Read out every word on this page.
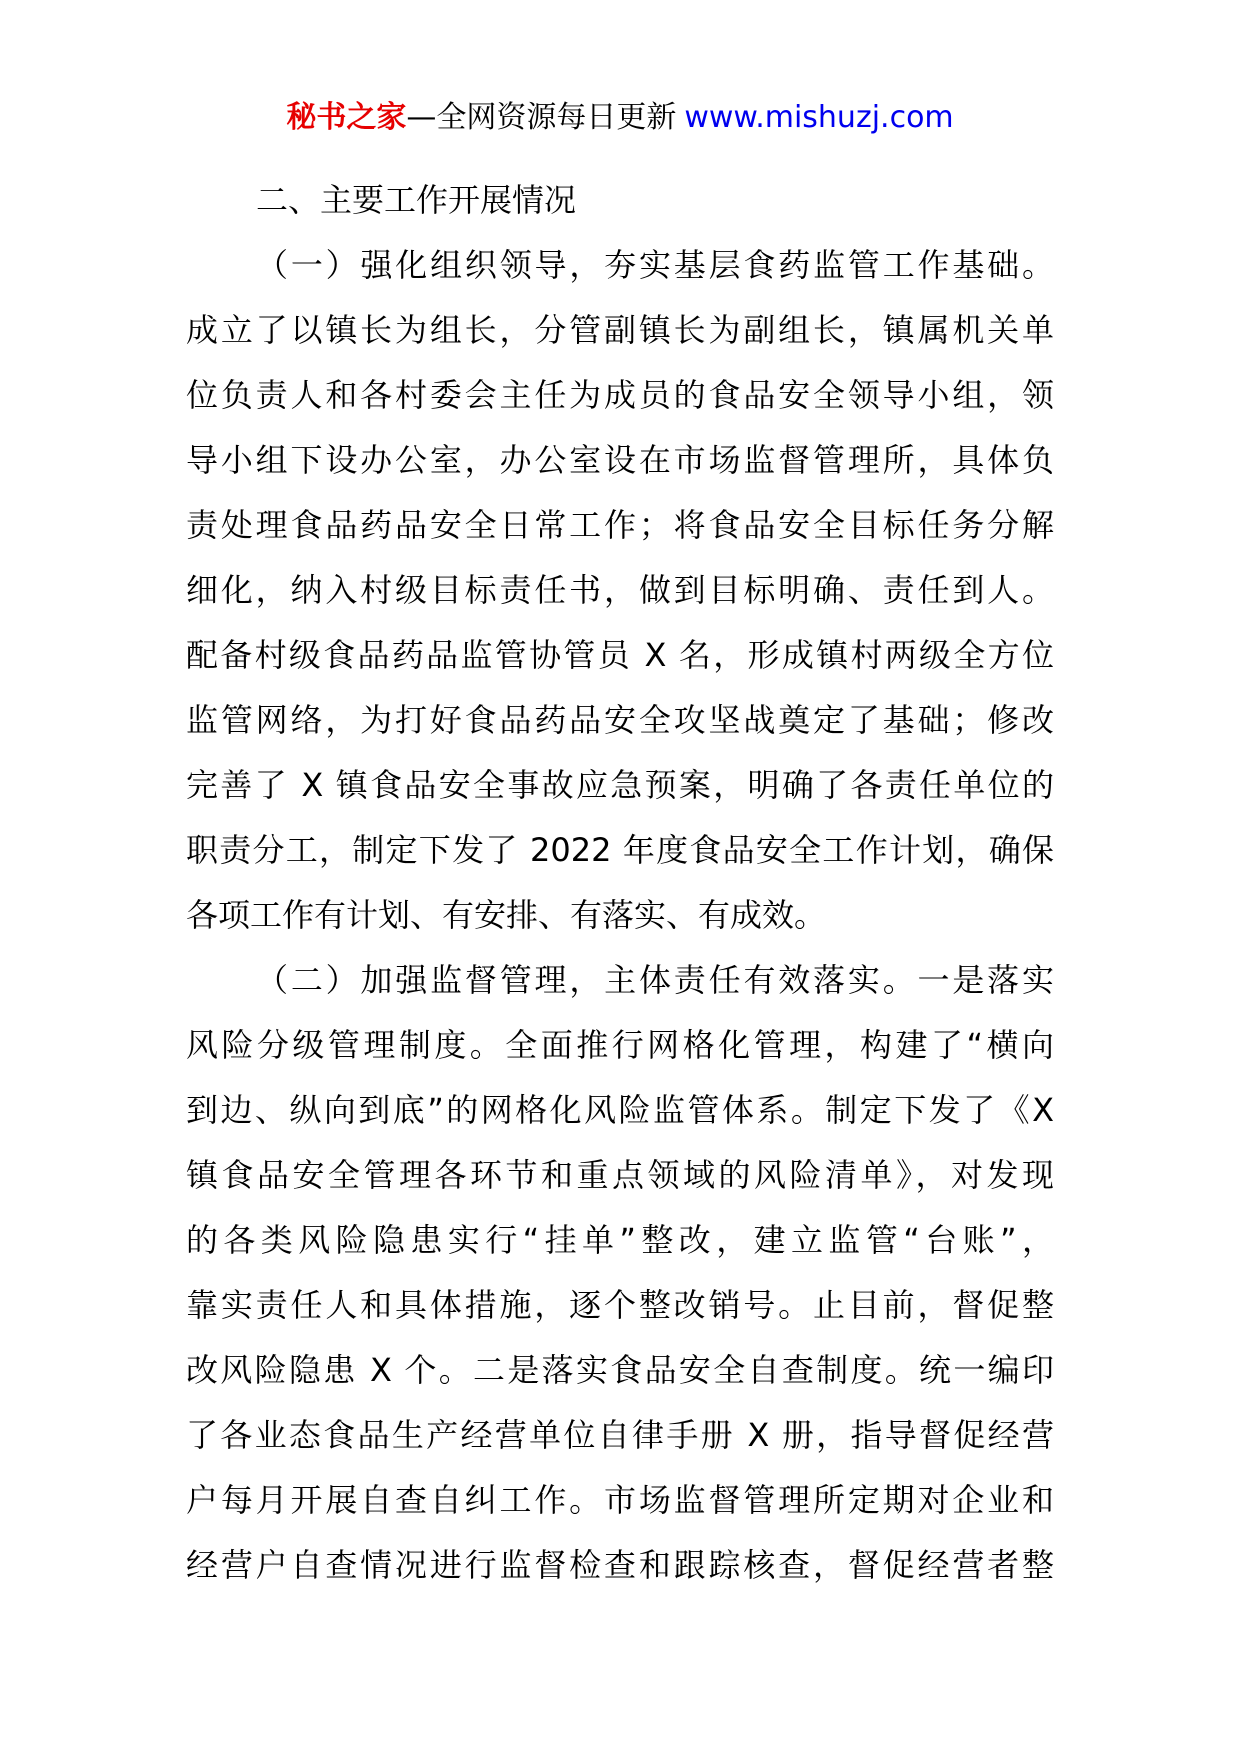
秘书之家—全网资源每日更新 www.mishuzj.com
二、主要工作开展情况
（一）强化组织领导，夯实基层食药监管工作基础。
成立了以镇长为组长，分管副镇长为副组长，镇属机关单
位负责人和各村委会主任为成员的食品安全领导小组，领
导小组下设办公室，办公室设在市场监督管理所，具体负
责处理食品药品安全日常工作；将食品安全目标任务分解
细化，纳入村级目标责任书，做到目标明确、责任到人。
配备村级食品药品监管协管员 X 名，形成镇村两级全方位
监管网络，为打好食品药品安全攻坚战奠定了基础；修改
完善了 X 镇食品安全事故应急预案，明确了各责任单位的
职责分工，制定下发了 2022 年度食品安全工作计划，确保
各项工作有计划、有安排、有落实、有成效。
（二）加强监督管理，主体责任有效落实。一是落实
风险分级管理制度。全面推行网格化管理，构建了“横向
到边、纵向到底”的网格化风险监管体系。制定下发了《X
镇食品安全管理各环节和重点领域的风险清单》，对发现
的各类风险隐患实行“挂单”整改，建立监管“台账”，
靠实责任人和具体措施，逐个整改销号。止目前，督促整
改风险隐患 X 个。二是落实食品安全自查制度。统一编印
了各业态食品生产经营单位自律手册 X 册，指导督促经营
户每月开展自查自纠工作。市场监督管理所定期对企业和
经营户自查情况进行监督检查和跟踪核查，督促经营者整
